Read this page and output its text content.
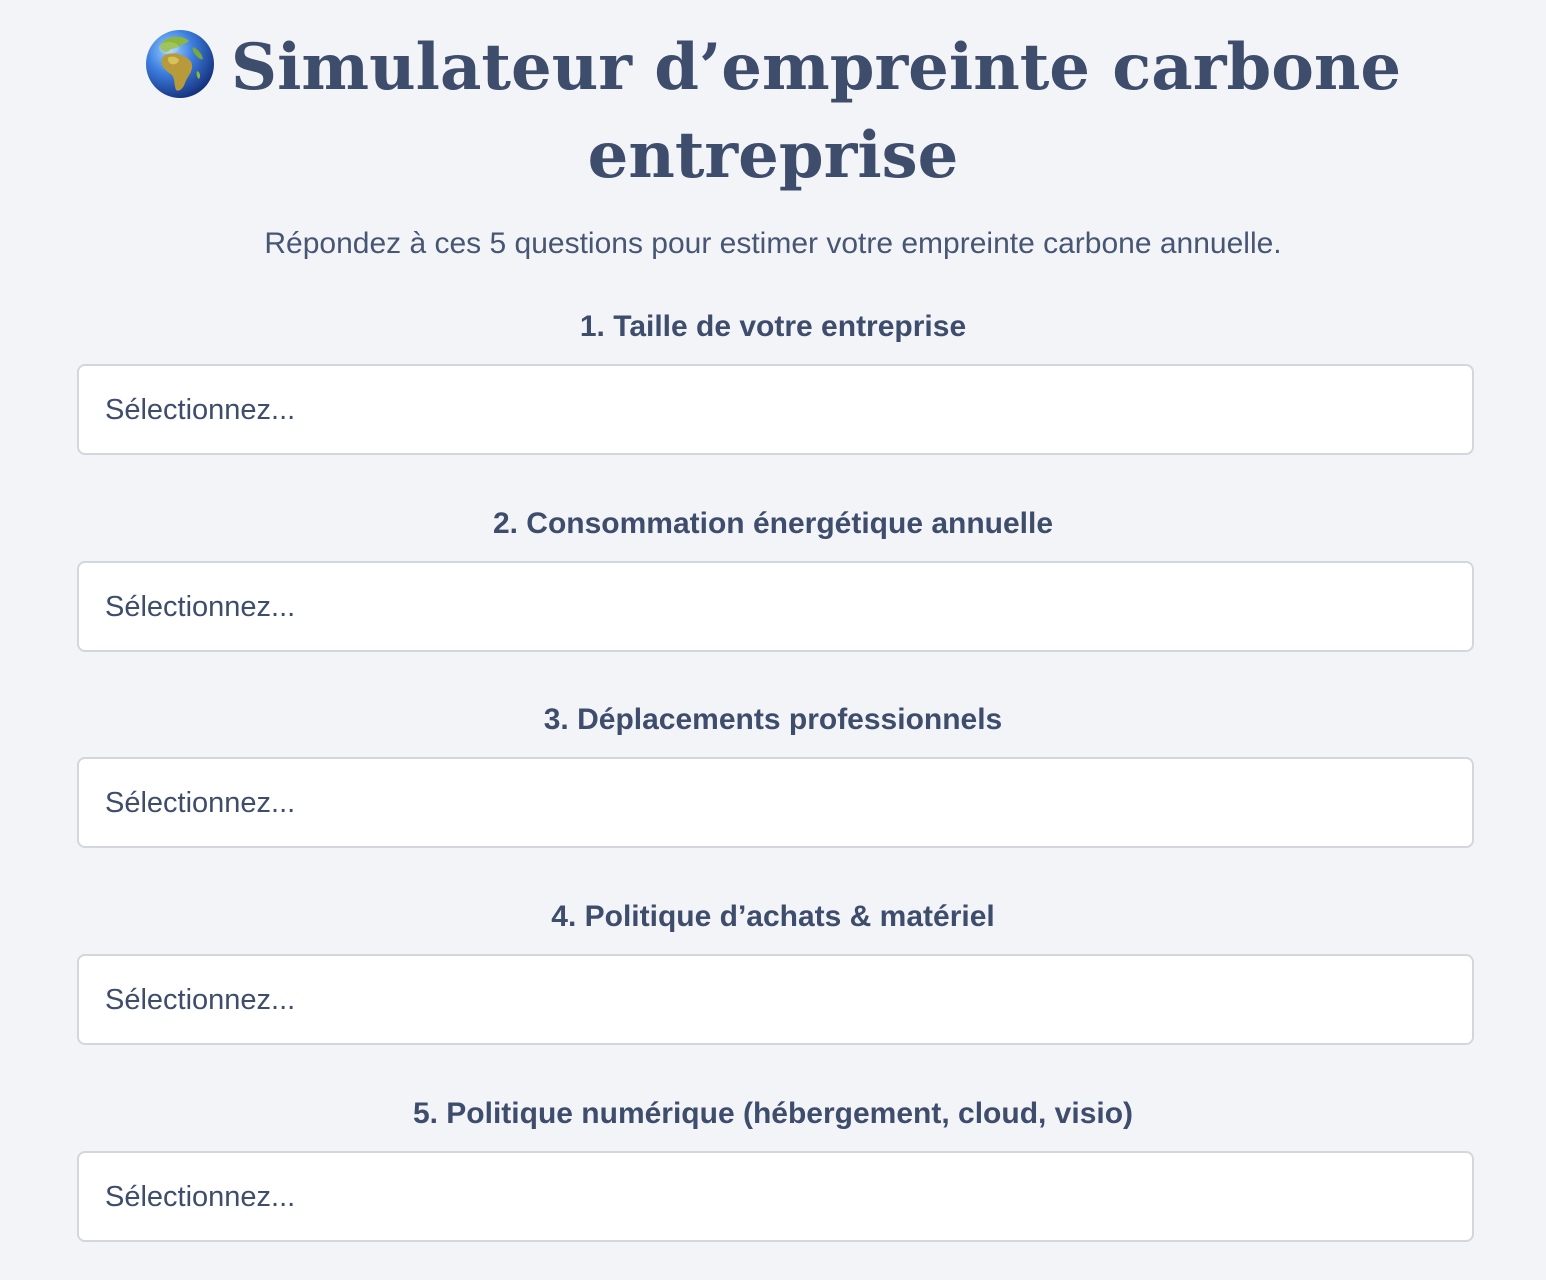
Simulateur d’empreinte carbone
entreprise

Répondez à ces 5 questions pour estimer votre empreinte carbone annuelle.

1. Taille de votre entreprise
Sélectionnez...
2. Consommation énergétique annuelle
Sélectionnez...
3. Déplacements professionnels
Sélectionnez...
4. Politique d’achats & matériel
Sélectionnez...
5. Politique numérique (hébergement, cloud, visio)
Sélectionnez...
